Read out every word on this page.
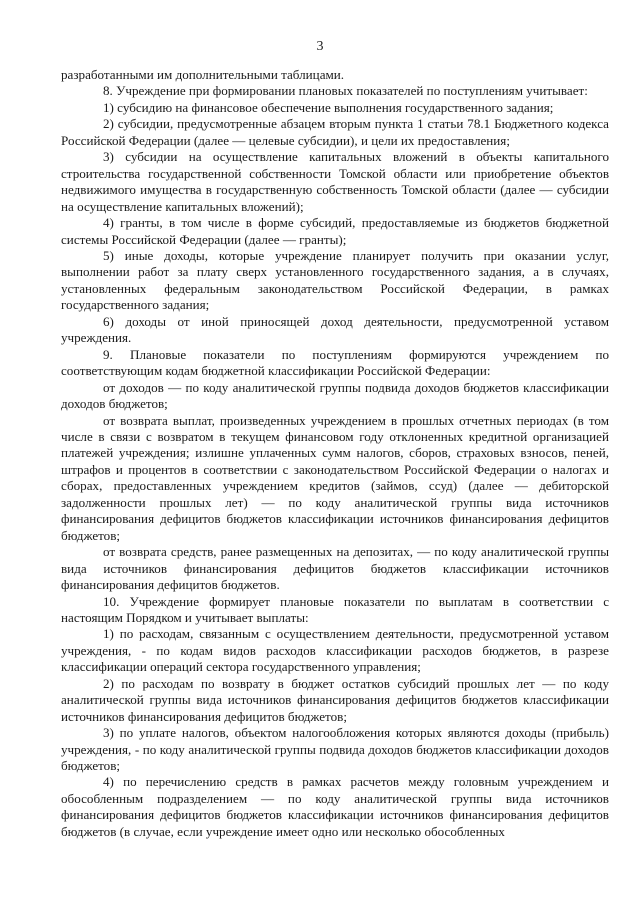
3

разработанными им дополнительными таблицами.

8. Учреждение при формировании плановых показателей по поступлениям учитывает:

1) субсидию на финансовое обеспечение выполнения государственного задания;

2) субсидии, предусмотренные абзацем вторым пункта 1 статьи 78.1 Бюджетного кодекса Российской Федерации (далее — целевые субсидии), и цели их предоставления;

3) субсидии на осуществление капитальных вложений в объекты капитального строительства государственной собственности Томской области или приобретение объектов недвижимого имущества в государственную собственность Томской области (далее — субсидии на осуществление капитальных вложений);

4) гранты, в том числе в форме субсидий, предоставляемые из бюджетов бюджетной системы Российской Федерации (далее — гранты);

5) иные доходы, которые учреждение планирует получить при оказании услуг, выполнении работ за плату сверх установленного государственного задания, а в случаях, установленных федеральным законодательством Российской Федерации, в рамках государственного задания;

6) доходы от иной приносящей доход деятельности, предусмотренной уставом учреждения.

9. Плановые показатели по поступлениям формируются учреждением по соответствующим кодам бюджетной классификации Российской Федерации:

от доходов — по коду аналитической группы подвида доходов бюджетов классификации доходов бюджетов;

от возврата выплат, произведенных учреждением в прошлых отчетных периодах (в том числе в связи с возвратом в текущем финансовом году отклоненных кредитной организацией платежей учреждения; излишне уплаченных сумм налогов, сборов, страховых взносов, пеней, штрафов и процентов в соответствии с законодательством Российской Федерации о налогах и сборах, предоставленных учреждением кредитов (займов, ссуд) (далее — дебиторской задолженности прошлых лет) — по коду аналитической группы вида источников финансирования дефицитов бюджетов классификации источников финансирования дефицитов бюджетов;

от возврата средств, ранее размещенных на депозитах, — по коду аналитической группы вида источников финансирования дефицитов бюджетов классификации источников финансирования дефицитов бюджетов.

10. Учреждение формирует плановые показатели по выплатам в соответствии с настоящим Порядком и учитывает выплаты:

1) по расходам, связанным с осуществлением деятельности, предусмотренной уставом учреждения, - по кодам видов расходов классификации расходов бюджетов, в разрезе классификации операций сектора государственного управления;

2) по расходам по возврату в бюджет остатков субсидий прошлых лет — по коду аналитической группы вида источников финансирования дефицитов бюджетов классификации источников финансирования дефицитов бюджетов;

3) по уплате налогов, объектом налогообложения которых являются доходы (прибыль) учреждения, - по коду аналитической группы подвида доходов бюджетов классификации доходов бюджетов;

4) по перечислению средств в рамках расчетов между головным учреждением и обособленным подразделением — по коду аналитической группы вида источников финансирования дефицитов бюджетов классификации источников финансирования дефицитов бюджетов (в случае, если учреждение имеет одно или несколько обособленных
